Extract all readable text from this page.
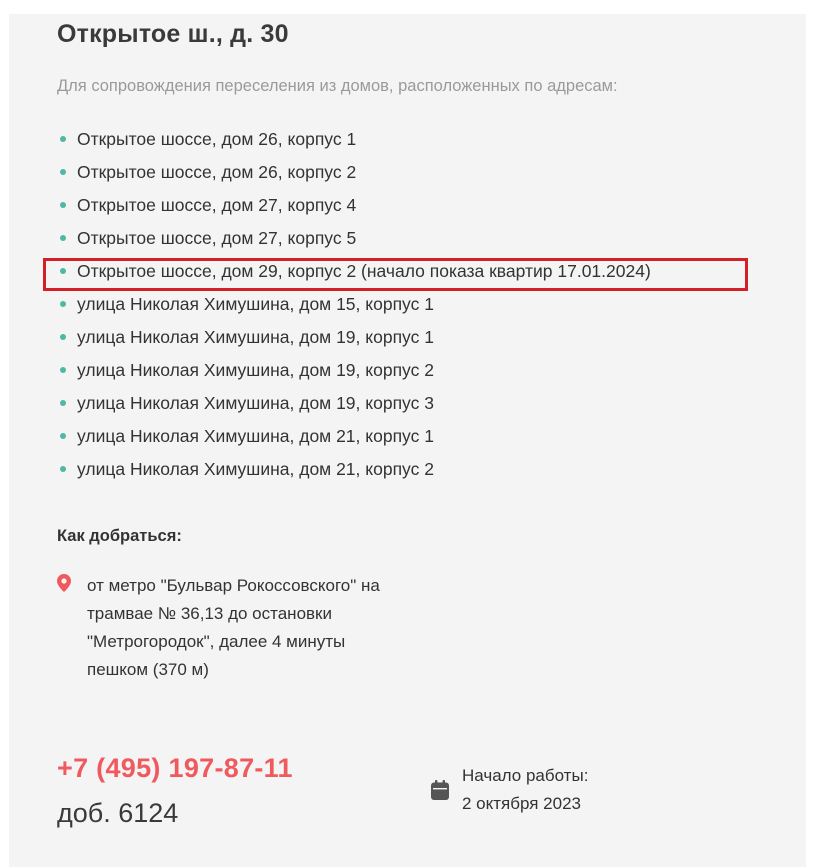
Открытое ш., д. 30

Для сопровождения переселения из домов, расположенных по адресам:

Открытое шоссе, дом 26, корпус 1
Открытое шоссе, дом 26, корпус 2
Открытое шоссе, дом 27, корпус 4
Открытое шоссе, дом 27, корпус 5
Открытое шоссе, дом 29, корпус 2 (начало показа квартир 17.01.2024)
улица Николая Химушина, дом 15, корпус 1
улица Николая Химушина, дом 19, корпус 1
улица Николая Химушина, дом 19, корпус 2
улица Николая Химушина, дом 19, корпус 3
улица Николая Химушина, дом 21, корпус 1
улица Николая Химушина, дом 21, корпус 2
Как добраться:

от метро "Бульвар Рокоссовского" на трамвае № 36,13 до остановки "Метрогородок", далее 4 минуты пешком (370 м)

+7 (495) 197-87-11

доб. 6124

Начало работы:

2 октября 2023
